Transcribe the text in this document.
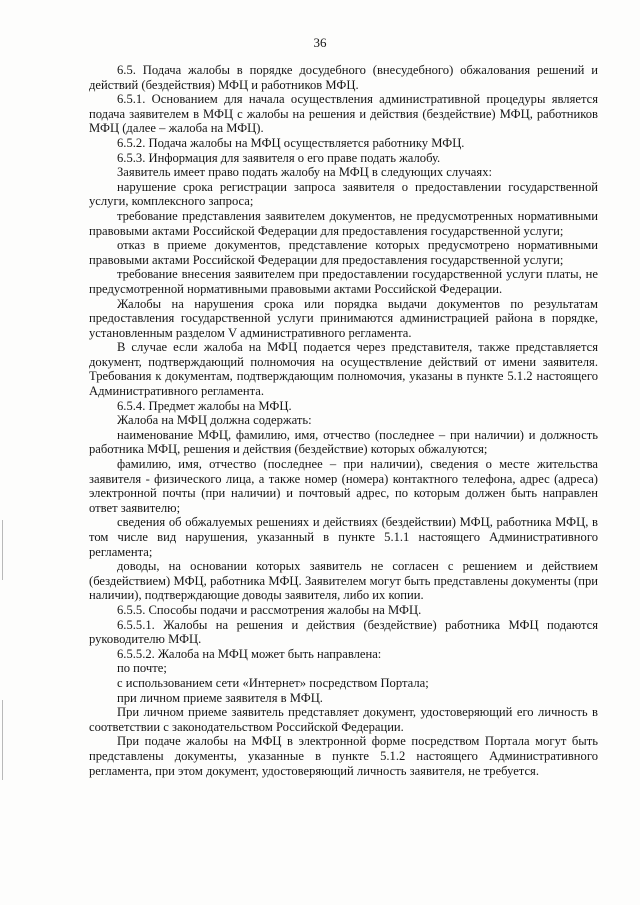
36

6.5. Подача жалобы в порядке досудебного (внесудебного) обжалования решений и действий (бездействия) МФЦ и работников МФЦ.

6.5.1. Основанием для начала осуществления административной процедуры является подача заявителем в МФЦ с жалобы на решения и действия (бездействие) МФЦ, работников МФЦ (далее – жалоба на МФЦ).

6.5.2. Подача жалобы на МФЦ осуществляется работнику МФЦ.

6.5.3. Информация для заявителя о его праве подать жалобу.

Заявитель имеет право подать жалобу на МФЦ в следующих случаях:

нарушение срока регистрации запроса заявителя о предоставлении государственной услуги, комплексного запроса;

требование представления заявителем документов, не предусмотренных нормативными правовыми актами Российской Федерации для предоставления государственной услуги;

отказ в приеме документов, представление которых предусмотрено нормативными правовыми актами Российской Федерации для предоставления государственной услуги;

требование внесения заявителем при предоставлении государственной услуги платы, не предусмотренной нормативными правовыми актами Российской Федерации.

Жалобы на нарушения срока или порядка выдачи документов по результатам предоставления государственной услуги принимаются администрацией района в порядке, установленным разделом V административного регламента.

В случае если жалоба на МФЦ подается через представителя, также представляется документ, подтверждающий полномочия на осуществление действий от имени заявителя. Требования к документам, подтверждающим полномочия, указаны в пункте 5.1.2 настоящего Административного регламента.

6.5.4. Предмет жалобы на МФЦ.

Жалоба на МФЦ должна содержать:

наименование МФЦ, фамилию, имя, отчество (последнее – при наличии) и должность работника МФЦ, решения и действия (бездействие) которых обжалуются;

фамилию, имя, отчество (последнее – при наличии), сведения о месте жительства заявителя - физического лица, а также номер (номера) контактного телефона, адрес (адреса) электронной почты (при наличии) и почтовый адрес, по которым должен быть направлен ответ заявителю;

сведения об обжалуемых решениях и действиях (бездействии) МФЦ, работника МФЦ, в том числе вид нарушения, указанный в пункте 5.1.1 настоящего Административного регламента;

доводы, на основании которых заявитель не согласен с решением и действием (бездействием) МФЦ, работника МФЦ. Заявителем могут быть представлены документы (при наличии), подтверждающие доводы заявителя, либо их копии.

6.5.5. Способы подачи и рассмотрения жалобы на МФЦ.

6.5.5.1. Жалобы на решения и действия (бездействие) работника МФЦ подаются руководителю МФЦ.

6.5.5.2. Жалоба на МФЦ может быть направлена:

по почте;

с использованием сети «Интернет» посредством Портала;

при личном приеме заявителя в МФЦ.

При личном приеме заявитель представляет документ, удостоверяющий его личность в соответствии с законодательством Российской Федерации.

При подаче жалобы на МФЦ в электронной форме посредством Портала могут быть представлены документы, указанные в пункте 5.1.2 настоящего Административного регламента, при этом документ, удостоверяющий личность заявителя, не требуется.
